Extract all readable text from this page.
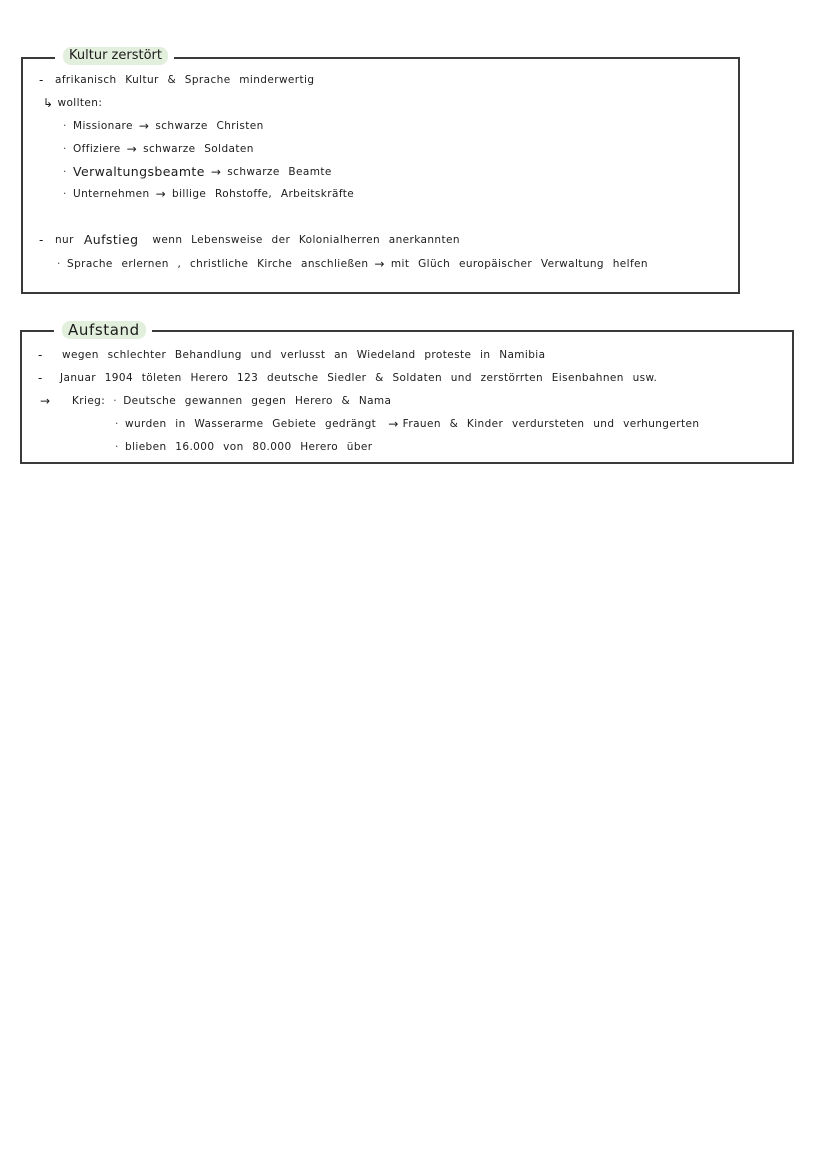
Kultur zerstört
-	afrikanisch Kultur & Sprache minderwertig
↳ wollten:
· Missionare → schwarze Christen
· Offiziere → schwarze Soldaten
· Verwaltungsbeamte → schwarze Beamte
· Unternehmen → billige Rohstoffe, Arbeitskräfte
-	nur Aufstieg wenn Lebensweise der Kolonialherren anerkannten
· Sprache erlernen , christliche Kirche anschließen → mit Glüch europäischer Verwaltung helfen
Aufstand
-	wegen schlechter Behandlung und verlusst an Wiedeland proteste in Namibia
-	Januar 1904 töleten Herero 123 deutsche Siedler & Soldaten und zerstörrten Eisenbahnen usw.
→	Krieg: · Deutsche gewannen gegen Herero & Nama
· wurden in Wasserarme Gebiete gedrängt → Frauen & Kinder verdursteten und verhungerten
· blieben 16.000 von 80.000 Herero über
